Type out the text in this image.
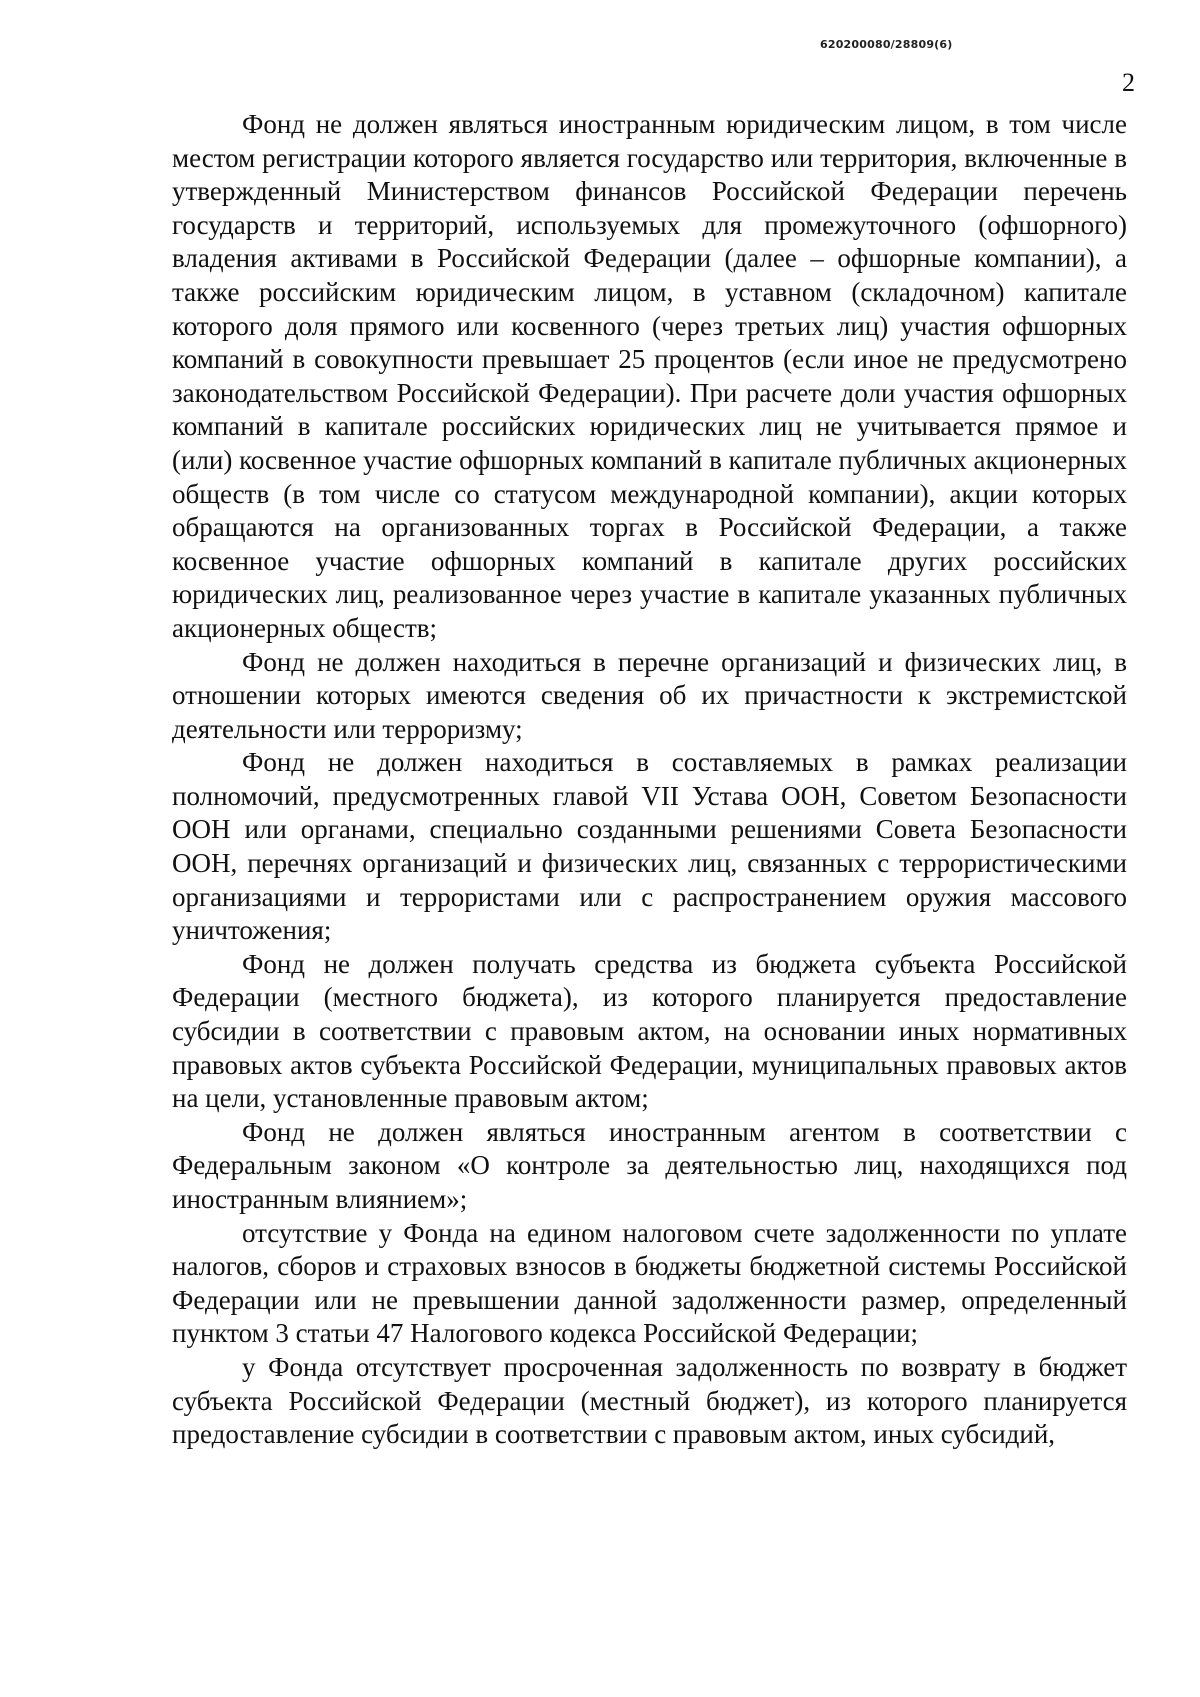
620200080/28809(6)
2

Фонд не должен являться иностранным юридическим лицом, в том числе местом регистрации которого является государство или территория, включенные в утвержденный Министерством финансов Российской Федерации перечень государств и территорий, используемых для промежуточного (офшорного) владения активами в Российской Федерации (далее – офшорные компании), а также российским юридическим лицом, в уставном (складочном) капитале которого доля прямого или косвенного (через третьих лиц) участия офшорных компаний в совокупности превышает 25 процентов (если иное не предусмотрено законодательством Российской Федерации). При расчете доли участия офшорных компаний в капитале российских юридических лиц не учитывается прямое и (или) косвенное участие офшорных компаний в капитале публичных акционерных обществ (в том числе со статусом международной компании), акции которых обращаются на организованных торгах в Российской Федерации, а также косвенное участие офшорных компаний в капитале других российских юридических лиц, реализованное через участие в капитале указанных публичных акционерных обществ;

Фонд не должен находиться в перечне организаций и физических лиц, в отношении которых имеются сведения об их причастности к экстремистской деятельности или терроризму;

Фонд не должен находиться в составляемых в рамках реализации полномочий, предусмотренных главой VII Устава ООН, Советом Безопасности ООН или органами, специально созданными решениями Совета Безопасности ООН, перечнях организаций и физических лиц, связанных с террористическими организациями и террористами или с распространением оружия массового уничтожения;

Фонд не должен получать средства из бюджета субъекта Российской Федерации (местного бюджета), из которого планируется предоставление субсидии в соответствии с правовым актом, на основании иных нормативных правовых актов субъекта Российской Федерации, муниципальных правовых актов на цели, установленные правовым актом;

Фонд не должен являться иностранным агентом в соответствии с Федеральным законом «О контроле за деятельностью лиц, находящихся под иностранным влиянием»;

отсутствие у Фонда на едином налоговом счете задолженности по уплате налогов, сборов и страховых взносов в бюджеты бюджетной системы Российской Федерации или не превышении данной задолженности размер, определенный пунктом 3 статьи 47 Налогового кодекса Российской Федерации;

у Фонда отсутствует просроченная задолженность по возврату в бюджет субъекта Российской Федерации (местный бюджет), из которого планируется предоставление субсидии в соответствии с правовым актом, иных субсидий,
